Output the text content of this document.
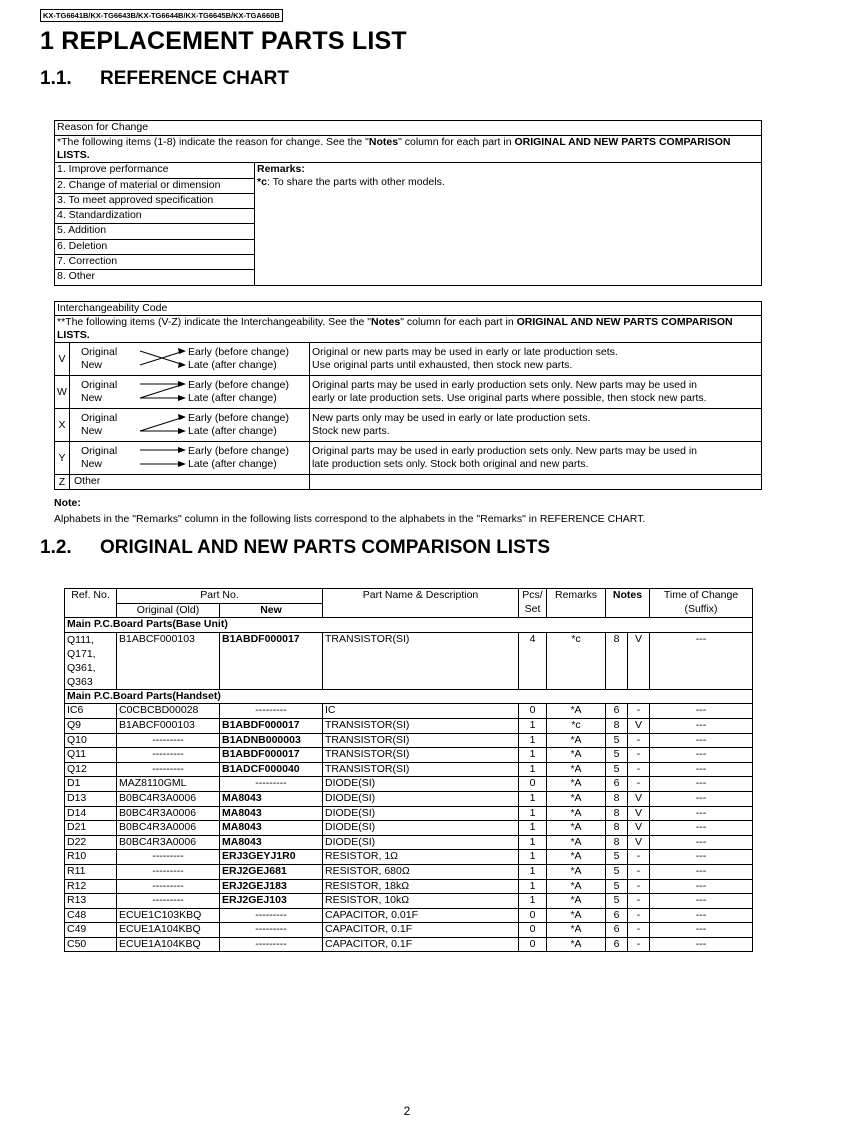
KX-TG6641B/KX-TG6643B/KX-TG6644B/KX-TG6645B/KX-TGA660B
1 REPLACEMENT PARTS LIST
1.1. REFERENCE CHART
Reason for Change
*The following items (1-8) indicate the reason for change. See the "Notes" column for each part in ORIGINAL AND NEW PARTS COMPARISON LISTS.
1. Improve performance	Remarks:
*c: To share the parts with other models.
2. Change of material or dimension
3. To meet approved specification
4. Standardization
5. Addition
6. Deletion
7. Correction
8. Other
Interchangeability Code		
**The following items (V-Z) indicate the Interchangeability. See the "Notes" column for each part in ORIGINAL AND NEW PARTS COMPARISON LISTS.		
V	Original
New
Early (before change)
Late (after change)	Original or new parts may be used in early or late production sets.
Use original parts until exhausted, then stock new parts.
W	Original
New
Early (before change)
Late (after change)	Original parts may be used in early production sets only. New parts may be used in
early or late production sets. Use original parts where possible, then stock new parts.
X	Original
New
Early (before change)
Late (after change)	New parts only may be used in early or late production sets.
Stock new parts.
Y	Original
New
Early (before change)
Late (after change)	Original parts may be used in early production sets only. New parts may be used in
late production sets only. Stock both original and new parts.
Z	Other	
Note:
Alphabets in the "Remarks" column in the following lists correspond to the alphabets in the "Remarks" in REFERENCE CHART.
1.2. ORIGINAL AND NEW PARTS COMPARISON LISTS
Ref. No.	Part No.		Part Name & Description	Pcs/
Set	Remarks	Notes		Time of Change
(Suffix)
	Original (Old)	New						
Main P.C.Board Parts(Base Unit)								
Q111,
Q171,
Q361,
Q363	B1ABCF000103	B1ABDF000017	TRANSISTOR(SI)	4	*c	8	V	---
Main P.C.Board Parts(Handset)								
IC6	C0CBCBD00028	---------	IC	0	*A	6	-	---
Q9	B1ABCF000103	B1ABDF000017	TRANSISTOR(SI)	1	*c	8	V	---
Q10	---------	B1ADNB000003	TRANSISTOR(SI)	1	*A	5	-	---
Q11	---------	B1ABDF000017	TRANSISTOR(SI)	1	*A	5	-	---
Q12	---------	B1ADCF000040	TRANSISTOR(SI)	1	*A	5	-	---
D1	MAZ8110GML	---------	DIODE(SI)	0	*A	6	-	---
D13	B0BC4R3A0006	MA8043	DIODE(SI)	1	*A	8	V	---
D14	B0BC4R3A0006	MA8043	DIODE(SI)	1	*A	8	V	---
D21	B0BC4R3A0006	MA8043	DIODE(SI)	1	*A	8	V	---
D22	B0BC4R3A0006	MA8043	DIODE(SI)	1	*A	8	V	---
R10	---------	ERJ3GEYJ1R0	RESISTOR, 1Ω	1	*A	5	-	---
R11	---------	ERJ2GEJ681	RESISTOR, 680Ω	1	*A	5	-	---
R12	---------	ERJ2GEJ183	RESISTOR, 18kΩ	1	*A	5	-	---
R13	---------	ERJ2GEJ103	RESISTOR, 10kΩ	1	*A	5	-	---
C48	ECUE1C103KBQ	---------	CAPACITOR, 0.01F	0	*A	6	-	---
C49	ECUE1A104KBQ	---------	CAPACITOR, 0.1F	0	*A	6	-	---
C50	ECUE1A104KBQ	---------	CAPACITOR, 0.1F	0	*A	6	-	---
2
